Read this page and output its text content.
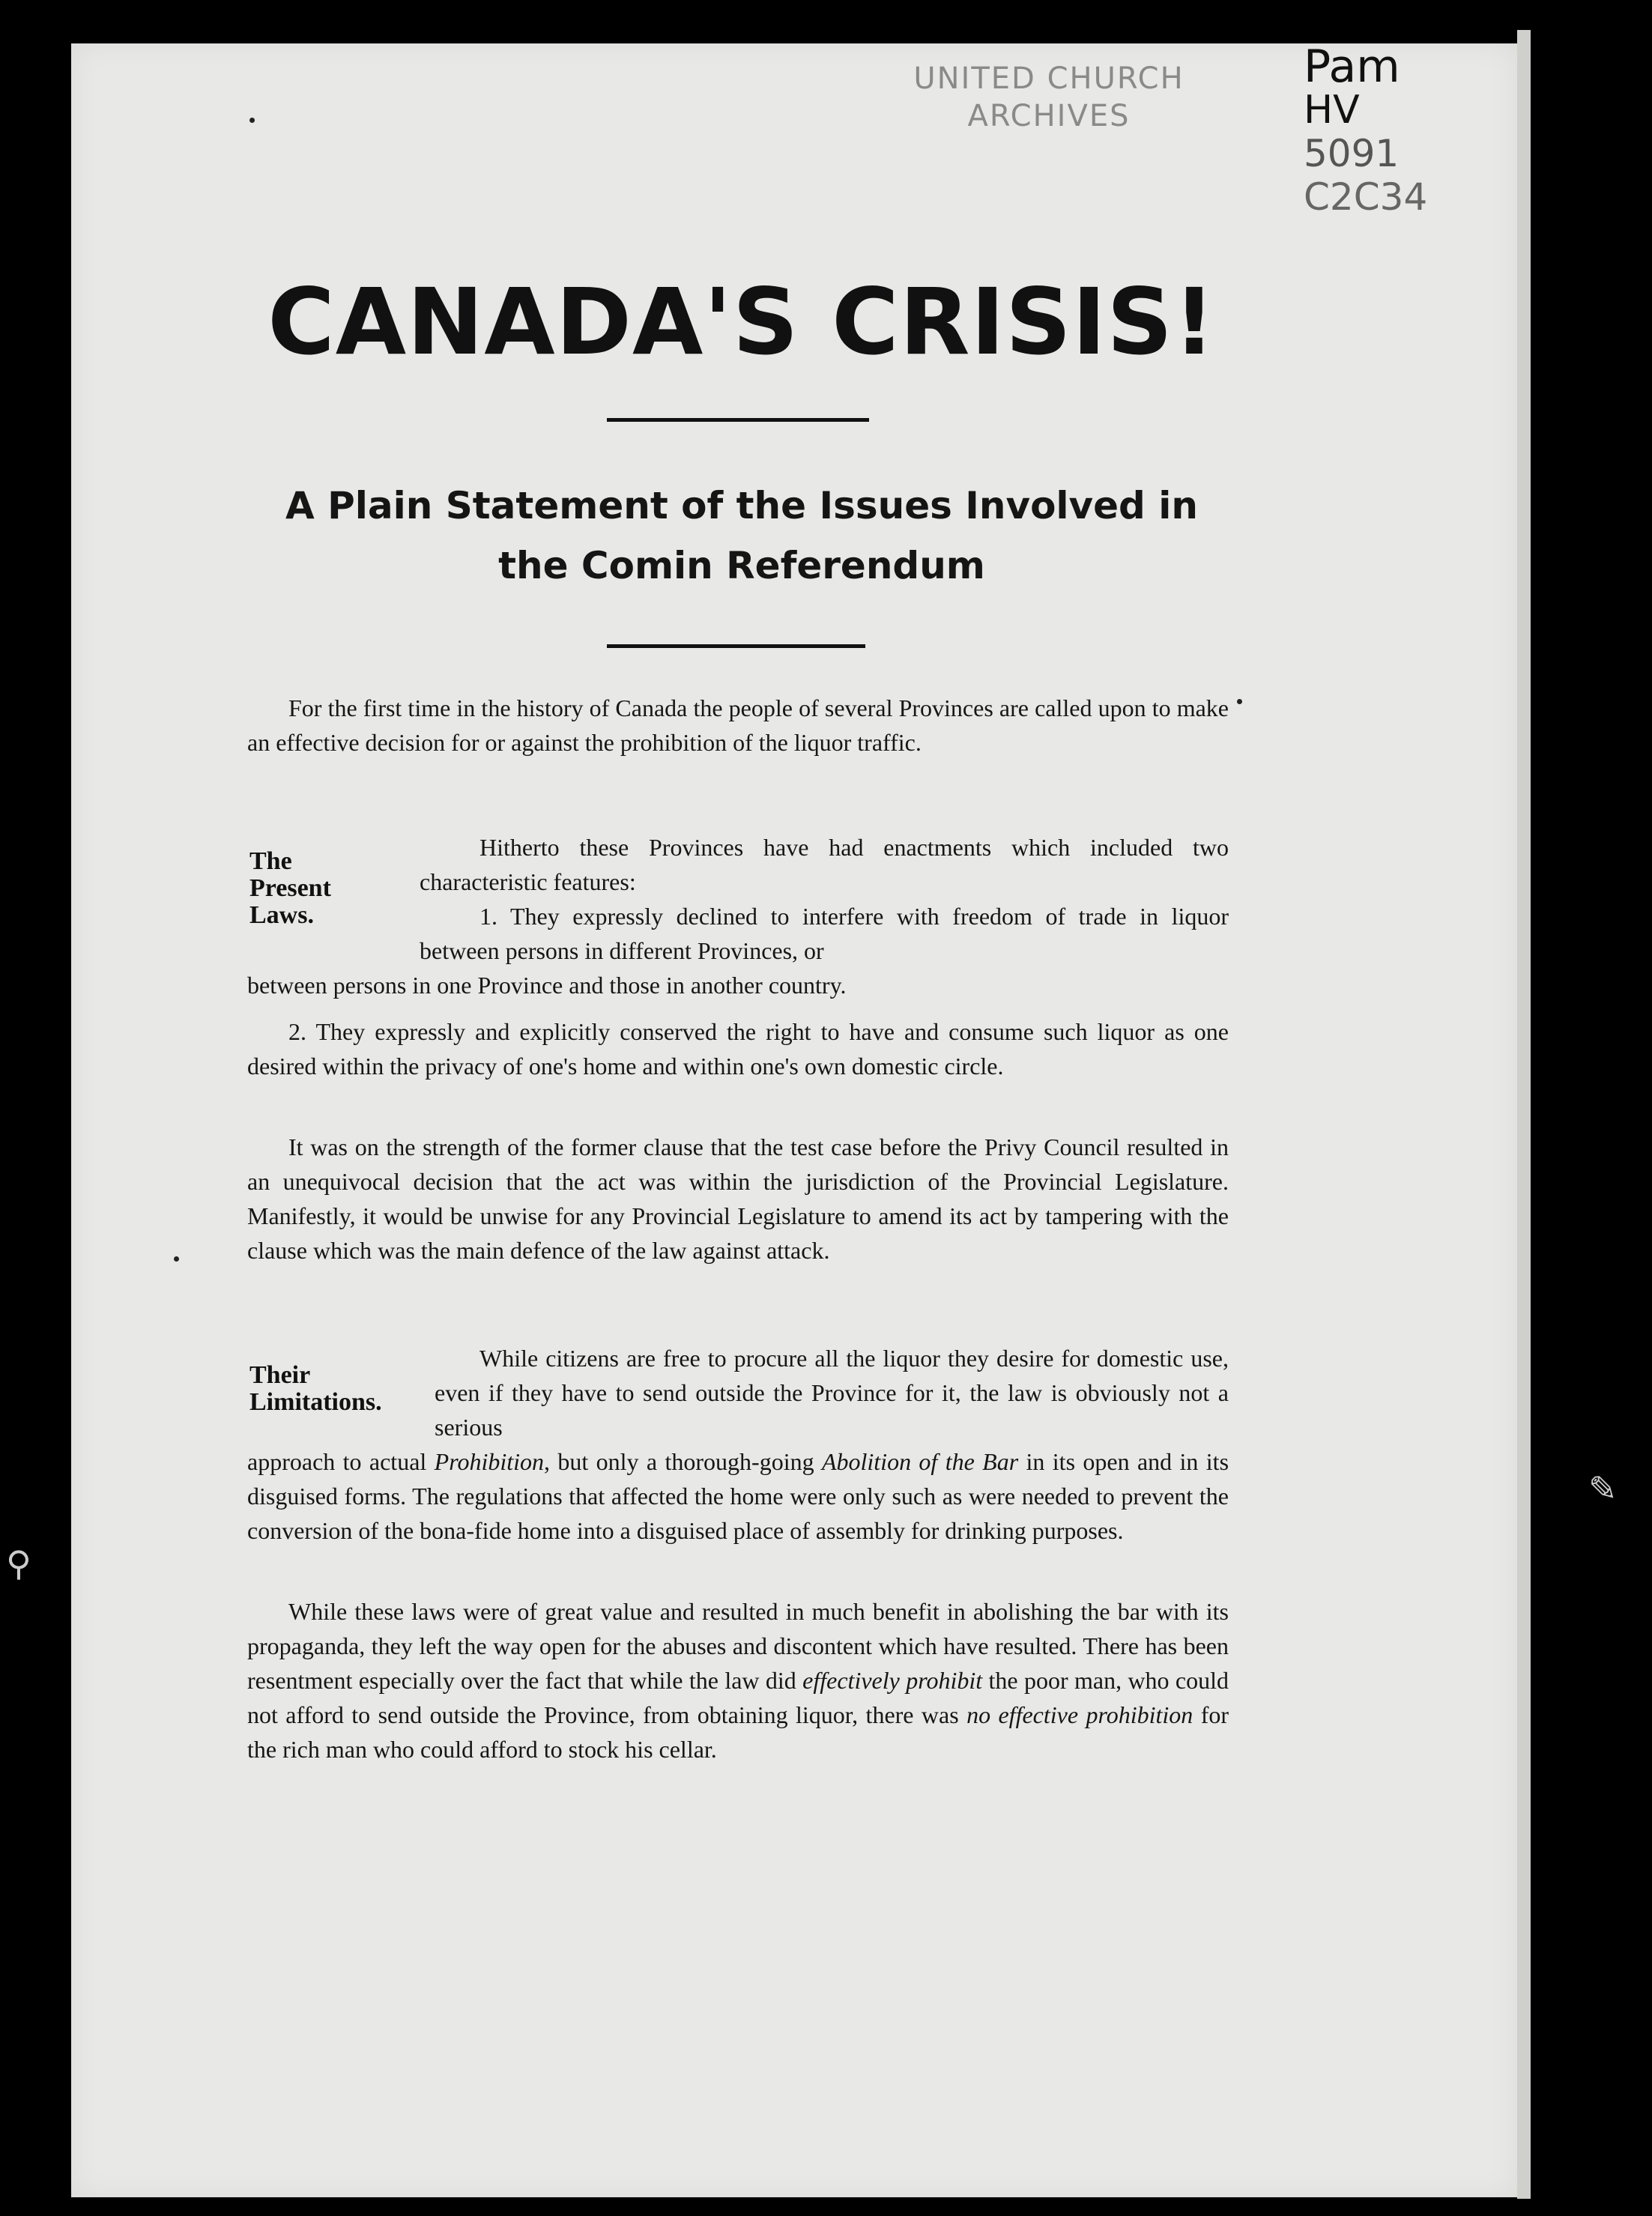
✎
⚲
UNITED CHURCH
ARCHIVES
Pam
HV
5091
C2C34
CANADA'S CRISIS!
A Plain Statement of the Issues Involved in
the Comin Referendum
For the first time in the history of Canada the people of several Provinces are called upon to make an effective decision for or against the prohibition of the liquor traffic.
The
Present
Laws.
Hitherto these Provinces have had enactments which included two characteristic features:
1. They expressly declined to interfere with freedom of trade in liquor between persons in different Provinces, or
between persons in one Province and those in another country.
2. They expressly and explicitly conserved the right to have and consume such liquor as one desired within the privacy of one's home and within one's own domestic circle.
It was on the strength of the former clause that the test case before the Privy Council resulted in an unequivocal decision that the act was within the jurisdiction of the Provincial Legislature. Manifestly, it would be unwise for any Provincial Legislature to amend its act by tampering with the clause which was the main defence of the law against attack.
Their
Limitations.
While citizens are free to procure all the liquor they desire for domestic use, even if they have to send outside the Province for it, the law is obviously not a serious
approach to actual Prohibition, but only a thorough-going Abolition of the Bar in its open and in its disguised forms. The regulations that affected the home were only such as were needed to prevent the conversion of the bona-fide home into a disguised place of assembly for drinking purposes.
While these laws were of great value and resulted in much benefit in abolishing the bar with its propaganda, they left the way open for the abuses and discontent which have resulted. There has been resentment especially over the fact that while the law did effectively prohibit the poor man, who could not afford to send outside the Province, from obtaining liquor, there was no effective prohibition for the rich man who could afford to stock his cellar.
